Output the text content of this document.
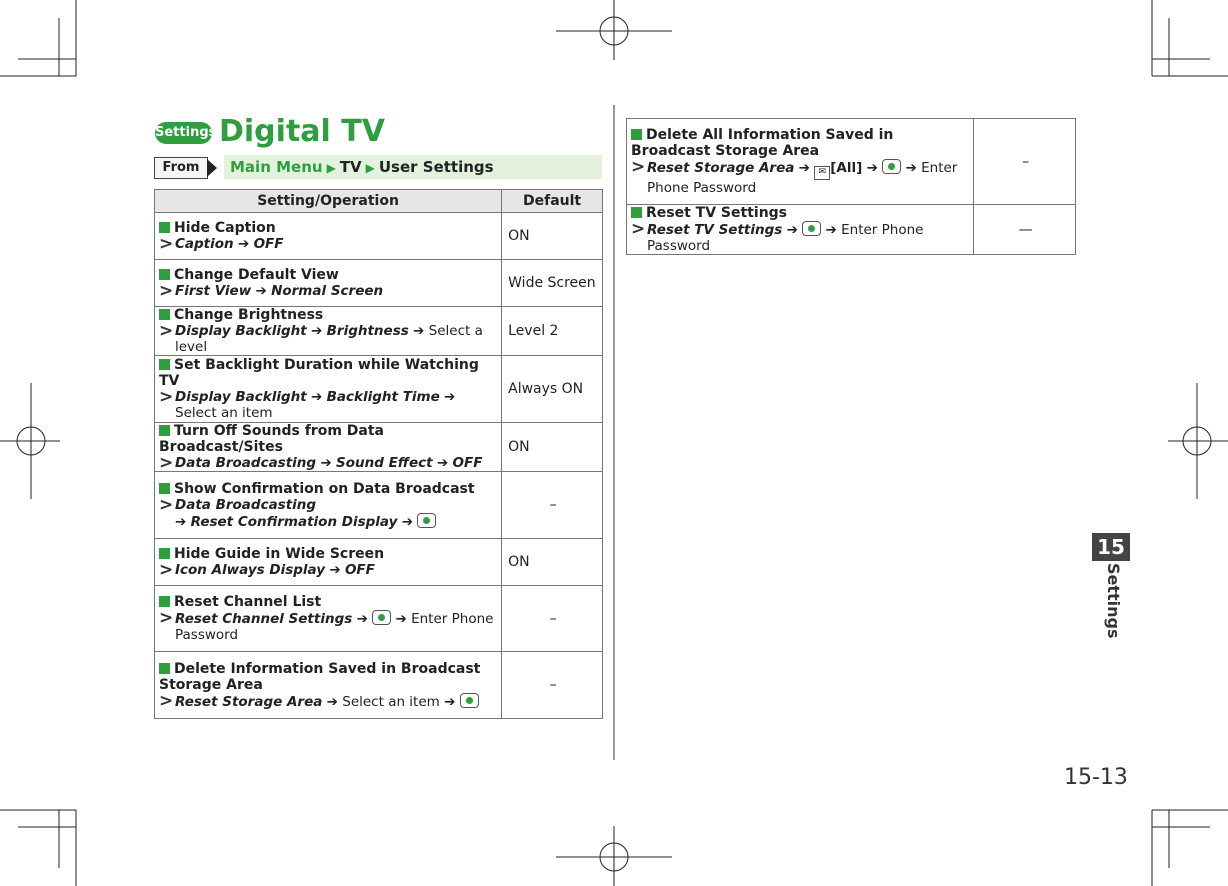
Settings Digital TV
From	Main Menu ▶ TV ▶ User Settings
Setting/Operation	Default

Hide Caption
> Caption ➔ OFF	ON

Change Default View
> First View ➔ Normal Screen	Wide Screen

Change Brightness
> Display Backlight ➔ Brightness ➔ Select a level	Level 2

Set Backlight Duration while Watching TV
> Display Backlight ➔ Backlight Time ➔ Select an item	Always ON

Turn Off Sounds from Data Broadcast/Sites
> Data Broadcasting ➔ Sound Effect ➔ OFF	ON

Show Confirmation on Data Broadcast
> Data Broadcasting
➔ Reset Confirmation Display ➔	–

Hide Guide in Wide Screen
> Icon Always Display ➔ OFF	ON

Reset Channel List
> Reset Channel Settings ➔  ➔ Enter Phone Password	–

Delete Information Saved in Broadcast Storage Area
> Reset Storage Area ➔ Select an item ➔	–
Delete All Information Saved in Broadcast Storage Area
> Reset Storage Area ➔ ✉ [All] ➔  ➔ Enter Phone Password	–

Reset TV Settings
> Reset TV Settings ➔  ➔ Enter Phone Password	—
15
Settings
15-13
